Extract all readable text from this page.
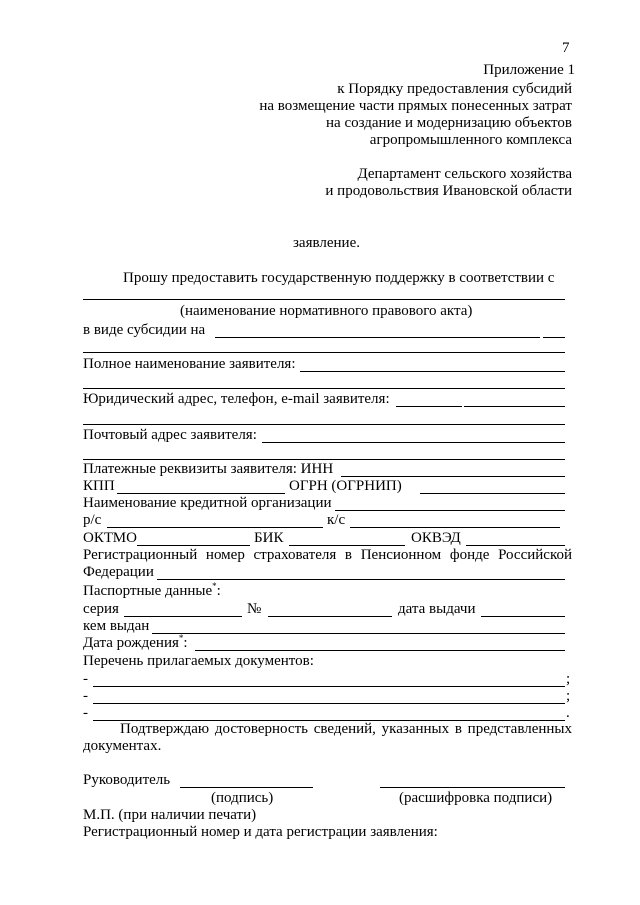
7
Приложение 1
к Порядку предоставления субсидий
на возмещение части прямых понесенных затрат
на создание и модернизацию объектов
агропромышленного комплекса
Департамент сельского хозяйства
и продовольствия Ивановской области
заявление.
Прошу предоставить государственную поддержку в соответствии с
(наименование нормативного правового акта)
в виде субсидии на
Полное наименование заявителя:
Юридический адрес, телефон, e-mail заявителя:
Почтовый адрес заявителя:
Платежные реквизиты заявителя: ИНН
КПП	ОГРН (ОГРНИП)
Наименование кредитной организации
р/с	к/с
ОКТМО	БИК	ОКВЭД
Регистрационный номер страхователя в Пенсионном фонде Российской
Федерации
Паспортные данные*:
серия	№	дата выдачи
кем выдан
Дата рождения*:
Перечень прилагаемых документов:
-	;
-	;
-	.
Подтверждаю достоверность сведений, указанных в представленных
документах.
Руководитель
(подпись)	(расшифровка подписи)
М.П. (при наличии печати)
Регистрационный номер и дата регистрации заявления:
